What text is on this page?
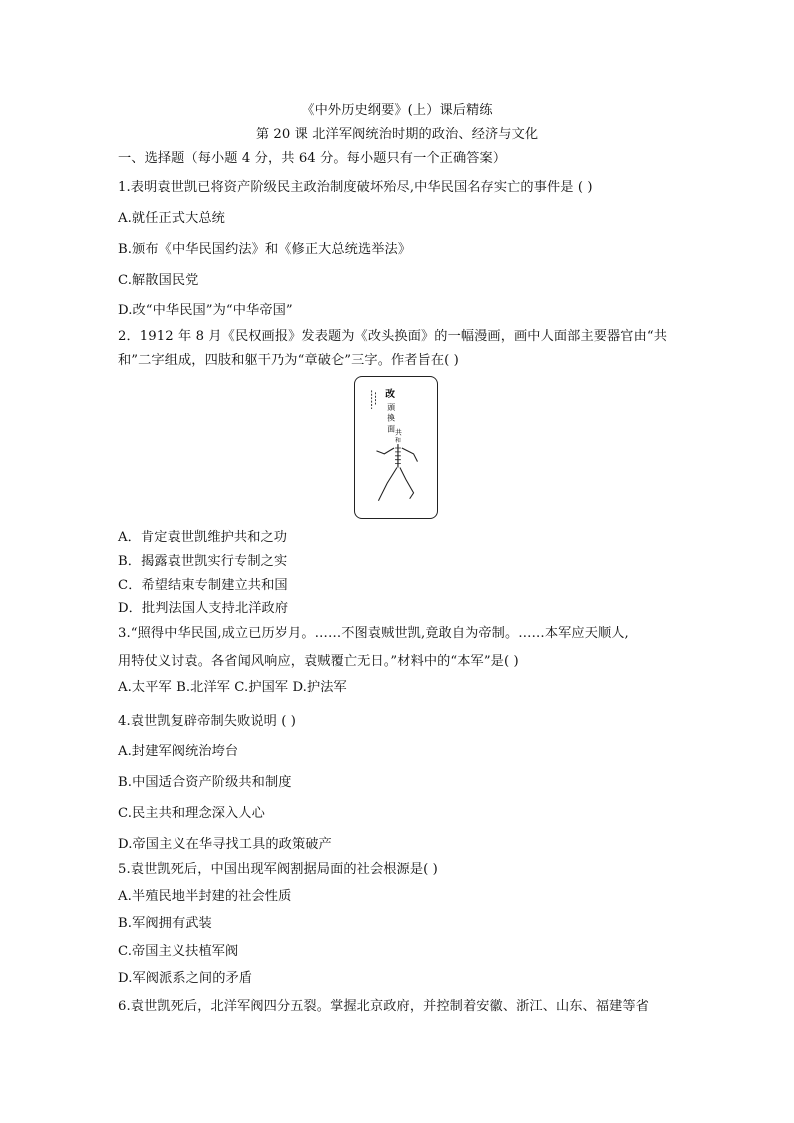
《中外历史纲要》(上）课后精练
第 20 课 北洋军阀统治时期的政治、经济与文化
一、选择题（每小题 4 分，共 64 分。每小题只有一个正确答案）
1.表明袁世凯已将资产阶级民主政治制度破坏殆尽,中华民国名存实亡的事件是 ( )
A.就任正式大总统
B.颁布《中华民国约法》和《修正大总统选举法》
C.解散国民党
D.改“中华民国”为“中华帝国”
2．1912 年 8 月《民权画报》发表题为《改头换面》的一幅漫画，画中人面部主要器官由“共
和”二字组成，四肢和躯干乃为“章破仑”三字。作者旨在( )
改
頭
換
面 共
和
A．肯定袁世凯维护共和之功
B．揭露袁世凯实行专制之实
C．希望结束专制建立共和国
D．批判法国人支持北洋政府
3.“照得中华民国,成立已历岁月。……不图袁贼世凯,竟敢自为帝制。……本军应天顺人,
用特仗义讨袁。各省闻风响应，袁贼覆亡无日。”材料中的“本军”是( )
A.太平军 B.北洋军 C.护国军 D.护法军
4.袁世凯复辟帝制失败说明 ( )
A.封建军阀统治垮台
B.中国适合资产阶级共和制度
C.民主共和理念深入人心
D.帝国主义在华寻找工具的政策破产
5.袁世凯死后，中国出现军阀割据局面的社会根源是( )
A.半殖民地半封建的社会性质
B.军阀拥有武装
C.帝国主义扶植军阀
D.军阀派系之间的矛盾
6.袁世凯死后，北洋军阀四分五裂。掌握北京政府，并控制着安徽、浙江、山东、福建等省
